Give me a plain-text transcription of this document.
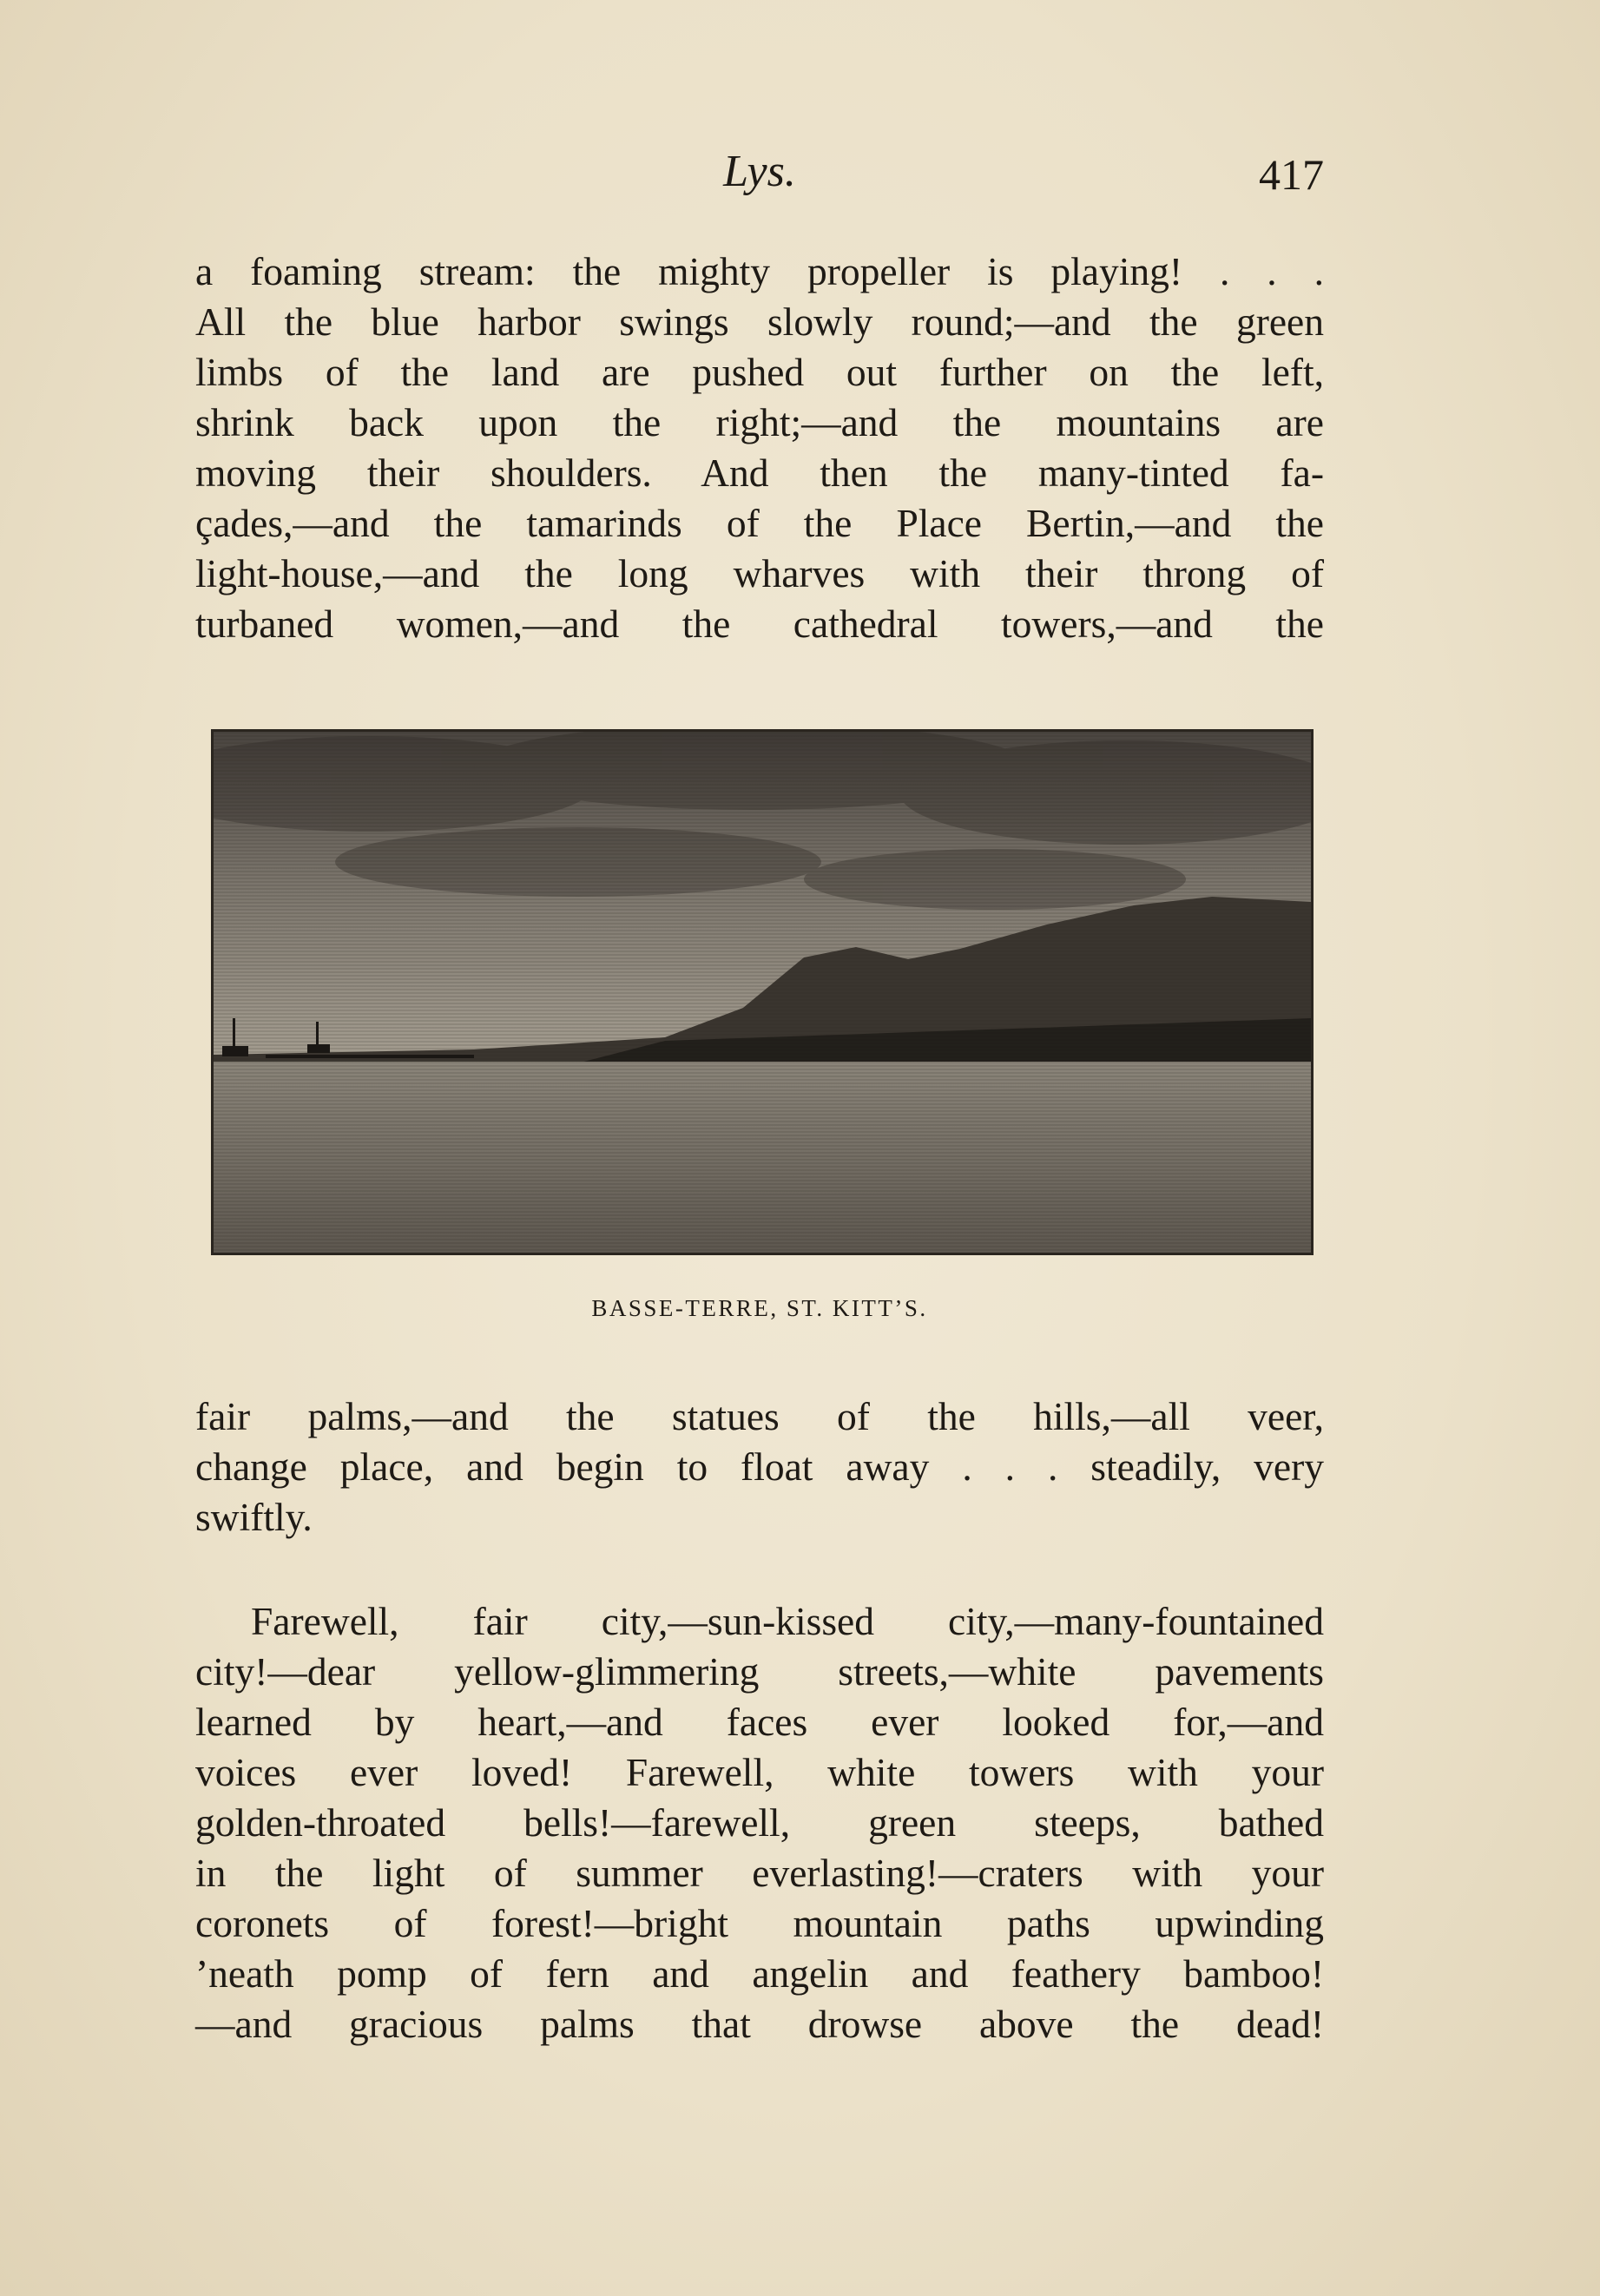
Lys.	417
a foaming stream: the mighty propeller is playing! . . .
All the blue harbor swings slowly round;—and the green
limbs of the land are pushed out further on the left,
shrink back upon the right;—and the mountains are
moving their shoulders. And then the many-tinted fa-
çades,—and the tamarinds of the Place Bertin,—and the
light-house,—and the long wharves with their throng of
turbaned women,—and the cathedral towers,—and the
BASSE-TERRE, ST. KITT’S.
fair palms,—and the statues of the hills,—all veer,
change place, and begin to float away . . . steadily, very
swiftly.
Farewell, fair city,—sun-kissed city,—many-fountained
city!—dear yellow-glimmering streets,—white pavements
learned by heart,—and faces ever looked for,—and
voices ever loved! Farewell, white towers with your
golden-throated bells!—farewell, green steeps, bathed
in the light of summer everlasting!—craters with your
coronets of forest!—bright mountain paths upwinding
’neath pomp of fern and angelin and feathery bamboo!
—and gracious palms that drowse above the dead!
